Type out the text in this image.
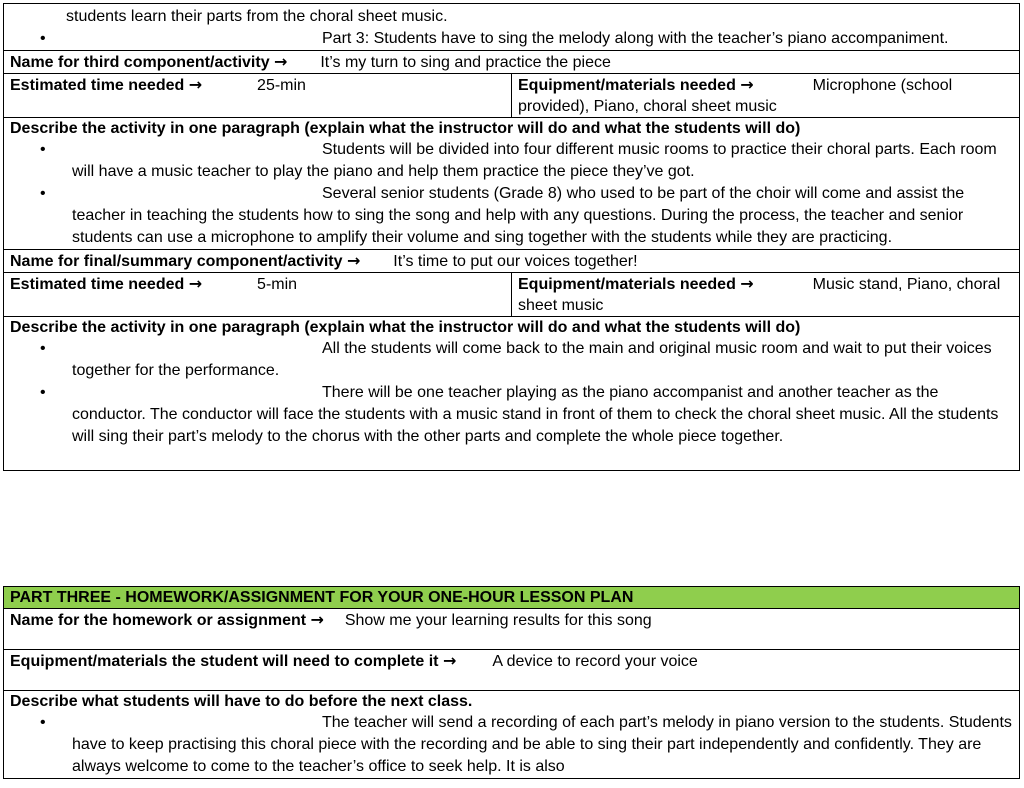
students learn their parts from the choral sheet music.
•	Part 3: Students have to sing the melody along with the teacher’s piano accompaniment.
Name for third component/activity → It’s my turn to sing and practice the piece
Estimated time needed →	25-min	Equipment/materials needed →	Microphone (school provided), Piano, choral sheet music
Describe the activity in one paragraph (explain what the instructor will do and what the students will do)
•	Students will be divided into four different music rooms to practice their choral parts. Each room will have a music teacher to play the piano and help them practice the piece they’ve got.
•	Several senior students (Grade 8) who used to be part of the choir will come and assist the teacher in teaching the students how to sing the song and help with any questions. During the process, the teacher and senior students can use a microphone to amplify their volume and sing together with the students while they are practicing.
Name for final/summary component/activity → It’s time to put our voices together!
Estimated time needed →	5-min	Equipment/materials needed →	Music stand, Piano, choral sheet music
Describe the activity in one paragraph (explain what the instructor will do and what the students will do)
•	All the students will come back to the main and original music room and wait to put their voices together for the performance.
•	There will be one teacher playing as the piano accompanist and another teacher as the conductor. The conductor will face the students with a music stand in front of them to check the choral sheet music. All the students will sing their part’s melody to the chorus with the other parts and complete the whole piece together.
PART THREE - HOMEWORK/ASSIGNMENT FOR YOUR ONE-HOUR LESSON PLAN
Name for the homework or assignment → Show me your learning results for this song
Equipment/materials the student will need to complete it → A device to record your voice
Describe what students will have to do before the next class.
•	The teacher will send a recording of each part’s melody in piano version to the students. Students have to keep practising this choral piece with the recording and be able to sing their part independently and confidently. They are always welcome to come to the teacher’s office to seek help. It is also
